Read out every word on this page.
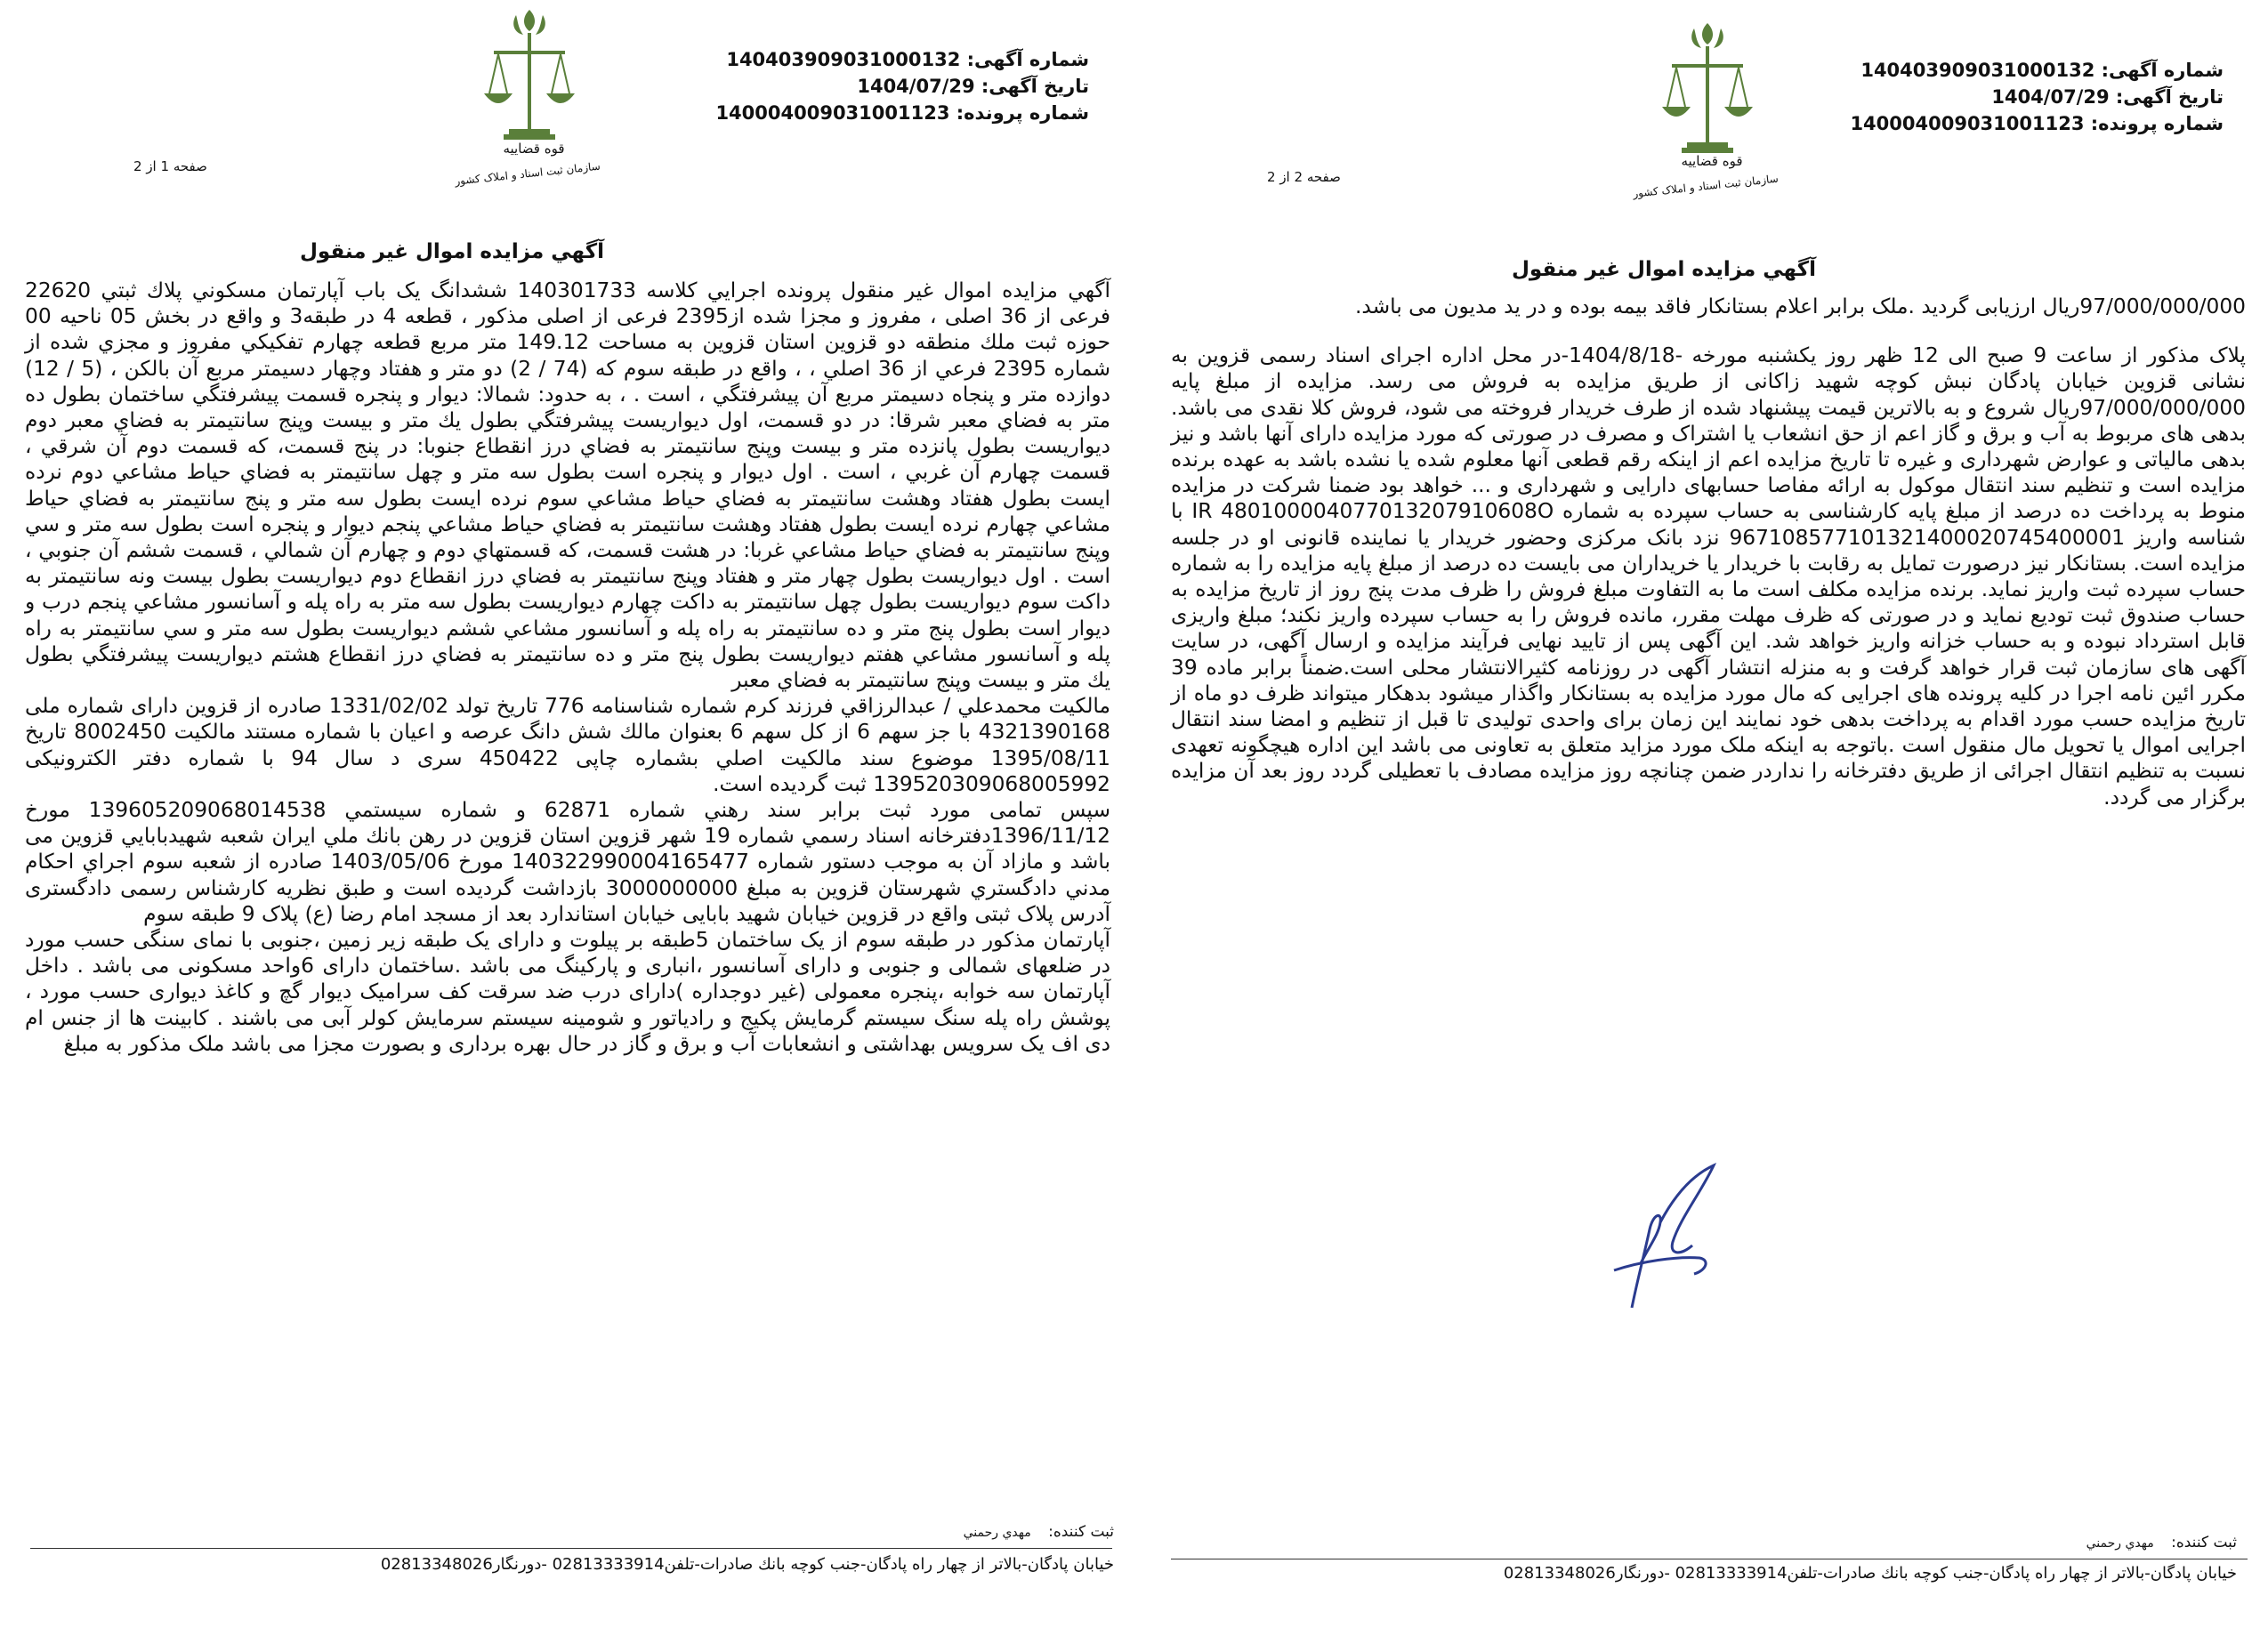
شماره آگهی: 140403909031000132
تاریخ آگهی: 1404/07/29
شماره پرونده: 140004009031001123
قوه قضاییه
سازمان ثبت اسناد و املاک کشور
صفحه 1 از 2
آگهي مزايده اموال غير منقول

آگهي مزايده اموال غير منقول پرونده اجرايي كلاسه 140301733 ششدانگ یک باب آپارتمان مسكوني پلاك ثبتي 22620 فرعی از 36 اصلی ، مفروز و مجزا شده از2395 فرعی از اصلی مذکور ، قطعه 4 در طبقه3 و واقع در بخش 05 ناحيه 00 حوزه ثبت ملك منطقه دو قزوين استان قزوين به مساحت 149.12 متر مربع قطعه چهارم تفكيكي مفروز و مجزي شده از شماره 2395 فرعي از 36 اصلي ، ، واقع در طبقه سوم كه (74 / 2) دو متر و هفتاد وچهار دسيمتر مربع آن بالكن ، (5 / 12) دوازده متر و پنجاه دسيمتر مربع آن پيشرفتگي ، است . ، به حدود: شمالا: ديوار و پنجره قسمت پيشرفتگي ساختمان بطول ده متر به فضاي معبر شرقا: در دو قسمت، اول ديواريست پيشرفتگي بطول يك متر و بيست وپنج سانتيمتر به فضاي معبر دوم ديواريست بطول پانزده متر و بيست وپنج سانتيمتر به فضاي درز انقطاع جنوبا: در پنج قسمت، كه قسمت دوم آن شرقي ، قسمت چهارم آن غربي ، است . اول ديوار و پنجره است بطول سه متر و چهل سانتيمتر به فضاي حياط مشاعي دوم نرده ايست بطول هفتاد وهشت سانتيمتر به فضاي حياط مشاعي سوم نرده ايست بطول سه متر و پنج سانتيمتر به فضاي حياط مشاعي چهارم نرده ايست بطول هفتاد وهشت سانتيمتر به فضاي حياط مشاعي پنجم ديوار و پنجره است بطول سه متر و سي وپنج سانتيمتر به فضاي حياط مشاعي غربا: در هشت قسمت، كه قسمتهاي دوم و چهارم آن شمالي ، قسمت ششم آن جنوبي ، است . اول ديواريست بطول چهار متر و هفتاد وپنج سانتيمتر به فضاي درز انقطاع دوم ديواريست بطول بيست ونه سانتيمتر به داكت سوم ديواريست بطول چهل سانتيمتر به داكت چهارم ديواريست بطول سه متر به راه پله و آسانسور مشاعي پنجم درب و ديوار است بطول پنج متر و ده سانتيمتر به راه پله و آسانسور مشاعي ششم ديواريست بطول سه متر و سي سانتيمتر به راه پله و آسانسور مشاعي هفتم ديواريست بطول پنج متر و ده سانتيمتر به فضاي درز انقطاع هشتم ديواريست پيشرفتگي بطول يك متر و بيست وپنج سانتيمتر به فضاي معبر

مالكيت محمدعلي / عبدالرزاقي فرزند كرم شماره شناسنامه 776 تاريخ تولد 1331/02/02 صادره از قزوين دارای شماره ملی 4321390168 با جز سهم 6 از كل سهم 6 بعنوان مالك شش دانگ عرصه و اعيان با شماره مستند مالكيت 8002450 تاريخ 1395/08/11 موضوع سند مالكيت اصلي بشماره چاپی 450422 سری د سال 94 با شماره دفتر الکترونیکی 139520309068005992 ثبت گردیده است.

سپس تمامی مورد ثبت برابر سند رهني شماره 62871 و شماره سيستمي 139605209068014538 مورخ 1396/11/12دفترخانه اسناد رسمي شماره 19 شهر قزوين استان قزوين در رهن بانك ملي ايران شعبه شهيدبابايي قزوين می باشد و مازاد آن به موجب دستور شماره 140322990004165477 مورخ 1403/05/06 صادره از شعبه سوم اجراي احكام مدني دادگستري شهرستان قزوين به مبلغ 3000000000 بازداشت گرديده است و طبق نظریه کارشناس رسمی دادگستری آدرس پلاک ثبتی واقع در قزوین خیابان شهید بابایی خیابان استاندارد بعد از مسجد امام رضا (ع) پلاک 9 طبقه سوم

آپارتمان مذکور در طبقه سوم از یک ساختمان 5طبقه بر پیلوت و دارای یک طبقه زیر زمین ،جنوبی با نمای سنگی حسب مورد در ضلعهای شمالی و جنوبی و دارای آسانسور ،انباری و پارکینگ می باشد .ساختمان دارای 6واحد مسکونی می باشد . داخل آپارتمان سه خوابه ،پنجره معمولی (غیر دوجداره )دارای درب ضد سرقت کف سرامیک دیوار گچ و کاغذ دیواری حسب مورد ، پوشش راه پله سنگ سیستم گرمایش پکیج و رادیاتور و شومینه سیستم سرمایش کولر آبی می باشند . کابینت ها از جنس ام دی اف یک سرویس بهداشتی و انشعابات آب و برق و گاز در حال بهره برداری و بصورت مجزا می باشد ملک مذکور به مبلغ

ثبت كننده: مهدي رحمني
خيابان پادگان-بالاتر از چهار راه پادگان-جنب كوچه بانك صادرات-تلفن02813333914 -دورنگار02813348026
شماره آگهی: 140403909031000132
تاریخ آگهی: 1404/07/29
شماره پرونده: 140004009031001123
قوه قضاییه
سازمان ثبت اسناد و املاک کشور
صفحه 2 از 2
آگهي مزايده اموال غير منقول

97/000/000/000ريال ارزيابی گرديد .ملک برابر اعلام بستانکار فاقد بیمه بوده و در ید مدیون می باشد.

پلاک مذكور از ساعت 9 صبح الی 12 ظهر روز يكشنبه مورخه -1404/8/18-در محل اداره اجرای اسناد رسمی قزوين به نشانی قزوين خيابان پادگان نبش كوچه شهيد زاكانی از طريق مزايده به فروش می رسد. مزايده از مبلغ پايه 97/000/000/000ريال شروع و به بالاترين قيمت پيشنهاد شده از طرف خريدار فروخته می شود، فروش كلا نقدی می باشد. بدهی های مربوط به آب و برق و گاز اعم از حق انشعاب يا اشتراک و مصرف در صورتی كه مورد مزايده دارای آنها باشد و نيز بدهی مالياتی و عوارض شهرداری و غيره تا تاريخ مزايده اعم از اينكه رقم قطعی آنها معلوم شده يا نشده باشد به عهده برنده مزايده است و تنظيم سند انتقال موكول به ارائه مفاصا حسابهای دارايی و شهرداری و ... خواهد بود ضمنا شرکت در مزایده منوط به پرداخت ده درصد از مبلغ پایه کارشناسی به حساب سپرده به شماره IR 480100004077013207910608O با شناسه واریز 967108577101321400020745400001 نزد بانک مرکزی وحضور خریدار یا نماینده قانونی او در جلسه مزایده است. بستانکار نیز درصورت تمایل به رقابت با خریدار یا خریداران می بایست ده درصد از مبلغ پایه مزایده را به شماره حساب سپرده ثبت واریز نماید. برنده مزایده مکلف است ما به التفاوت مبلغ فروش را ظرف مدت پنج روز از تاریخ مزایده به حساب صندوق ثبت تودیع نماید و در صورتی که ظرف مهلت مقرر، مانده فروش را به حساب سپرده واریز نکند؛ مبلغ واریزی قابل استرداد نبوده و به حساب خزانه واریز خواهد شد. این آگهی پس از تایید نهایی فرآیند مزایده و ارسال آگهی، در سایت آگهی های سازمان ثبت قرار خواهد گرفت و به منزله انتشار آگهی در روزنامه کثیرالانتشار محلی است.ضمناً برابر ماده 39 مکرر ائین نامه اجرا در کلیه پرونده های اجرایی که مال مورد مزایده به بستانکار واگذار میشود بدهکار میتواند ظرف دو ماه از تاریخ مزایده حسب مورد اقدام به پرداخت بدهی خود نمایند این زمان برای واحدی تولیدی تا قبل از تنظیم و امضا سند انتقال اجرایی اموال یا تحویل مال منقول است .باتوجه به اینکه ملک مورد مزاید متعلق به تعاونی می باشد این اداره هیچگونه تعهدی نسبت به تنظیم انتقال اجرائی از طریق دفترخانه را نداردر ضمن چنانچه روز مزایده مصادف با تعطیلی گردد روز بعد آن مزایده برگزار می گردد.

ثبت كننده: مهدي رحمني
خيابان پادگان-بالاتر از چهار راه پادگان-جنب كوچه بانك صادرات-تلفن02813333914 -دورنگار02813348026
